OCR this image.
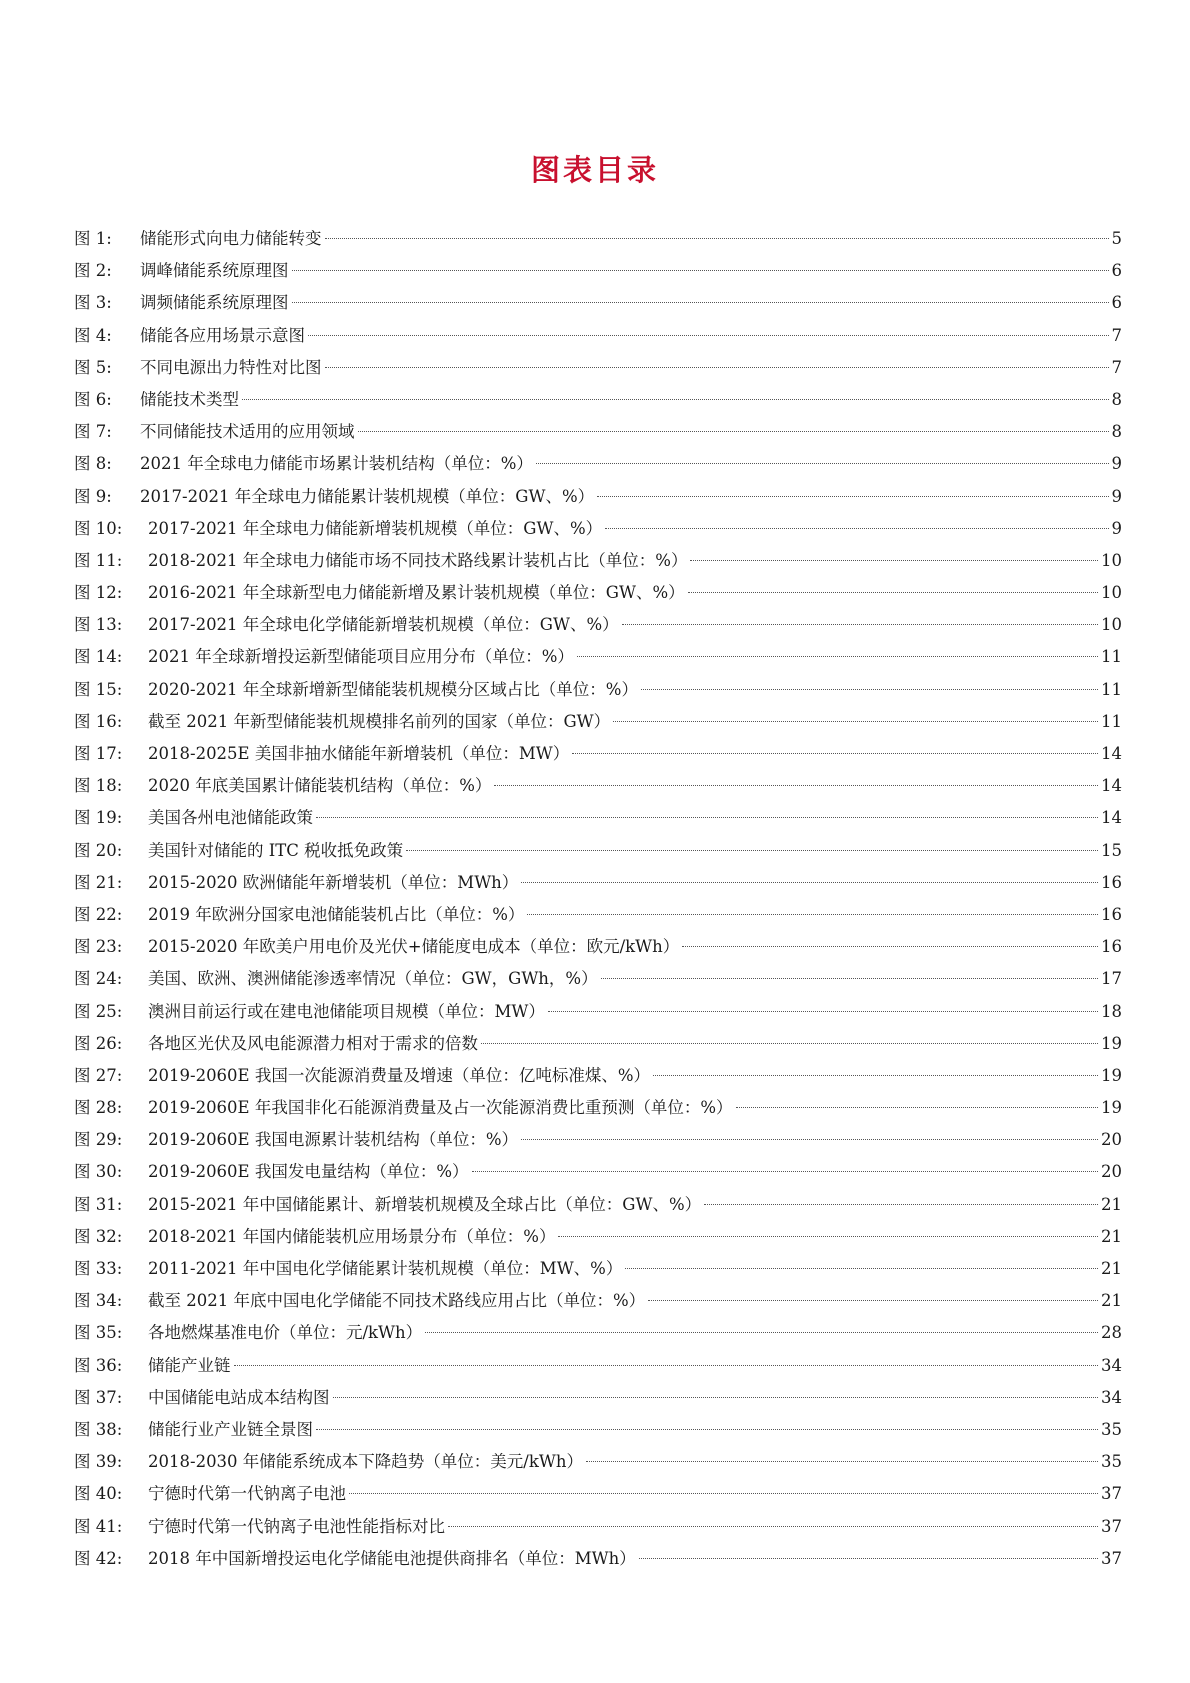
图表目录
图 1:	储能形式向电力储能转变	5
图 2:	调峰储能系统原理图	6
图 3:	调频储能系统原理图	6
图 4:	储能各应用场景示意图	7
图 5:	不同电源出力特性对比图	7
图 6:	储能技术类型	8
图 7:	不同储能技术适用的应用领域	8
图 8:	2021 年全球电力储能市场累计装机结构（单位：%）	9
图 9:	2017-2021 年全球电力储能累计装机规模（单位：GW、%）	9
图 10:	2017-2021 年全球电力储能新增装机规模（单位：GW、%）	9
图 11:	2018-2021 年全球电力储能市场不同技术路线累计装机占比（单位：%）	10
图 12:	2016-2021 年全球新型电力储能新增及累计装机规模（单位：GW、%）	10
图 13:	2017-2021 年全球电化学储能新增装机规模（单位：GW、%）	10
图 14:	2021 年全球新增投运新型储能项目应用分布（单位：%）	11
图 15:	2020-2021 年全球新增新型储能装机规模分区域占比（单位：%）	11
图 16:	截至 2021 年新型储能装机规模排名前列的国家（单位：GW）	11
图 17:	2018-2025E 美国非抽水储能年新增装机（单位：MW）	14
图 18:	2020 年底美国累计储能装机结构（单位：%）	14
图 19:	美国各州电池储能政策	14
图 20:	美国针对储能的 ITC 税收抵免政策	15
图 21:	2015-2020 欧洲储能年新增装机（单位：MWh）	16
图 22:	2019 年欧洲分国家电池储能装机占比（单位：%）	16
图 23:	2015-2020 年欧美户用电价及光伏+储能度电成本（单位：欧元/kWh）	16
图 24:	美国、欧洲、澳洲储能渗透率情况（单位：GW，GWh，%）	17
图 25:	澳洲目前运行或在建电池储能项目规模（单位：MW）	18
图 26:	各地区光伏及风电能源潜力相对于需求的倍数	19
图 27:	2019-2060E 我国一次能源消费量及增速（单位：亿吨标准煤、%）	19
图 28:	2019-2060E 年我国非化石能源消费量及占一次能源消费比重预测（单位：%）	19
图 29:	2019-2060E 我国电源累计装机结构（单位：%）	20
图 30:	2019-2060E 我国发电量结构（单位：%）	20
图 31:	2015-2021 年中国储能累计、新增装机规模及全球占比（单位：GW、%）	21
图 32:	2018-2021 年国内储能装机应用场景分布（单位：%）	21
图 33:	2011-2021 年中国电化学储能累计装机规模（单位：MW、%）	21
图 34:	截至 2021 年底中国电化学储能不同技术路线应用占比（单位：%）	21
图 35:	各地燃煤基准电价（单位：元/kWh）	28
图 36:	储能产业链	34
图 37:	中国储能电站成本结构图	34
图 38:	储能行业产业链全景图	35
图 39:	2018-2030 年储能系统成本下降趋势（单位：美元/kWh）	35
图 40:	宁德时代第一代钠离子电池	37
图 41:	宁德时代第一代钠离子电池性能指标对比	37
图 42:	2018 年中国新增投运电化学储能电池提供商排名（单位：MWh）	37
